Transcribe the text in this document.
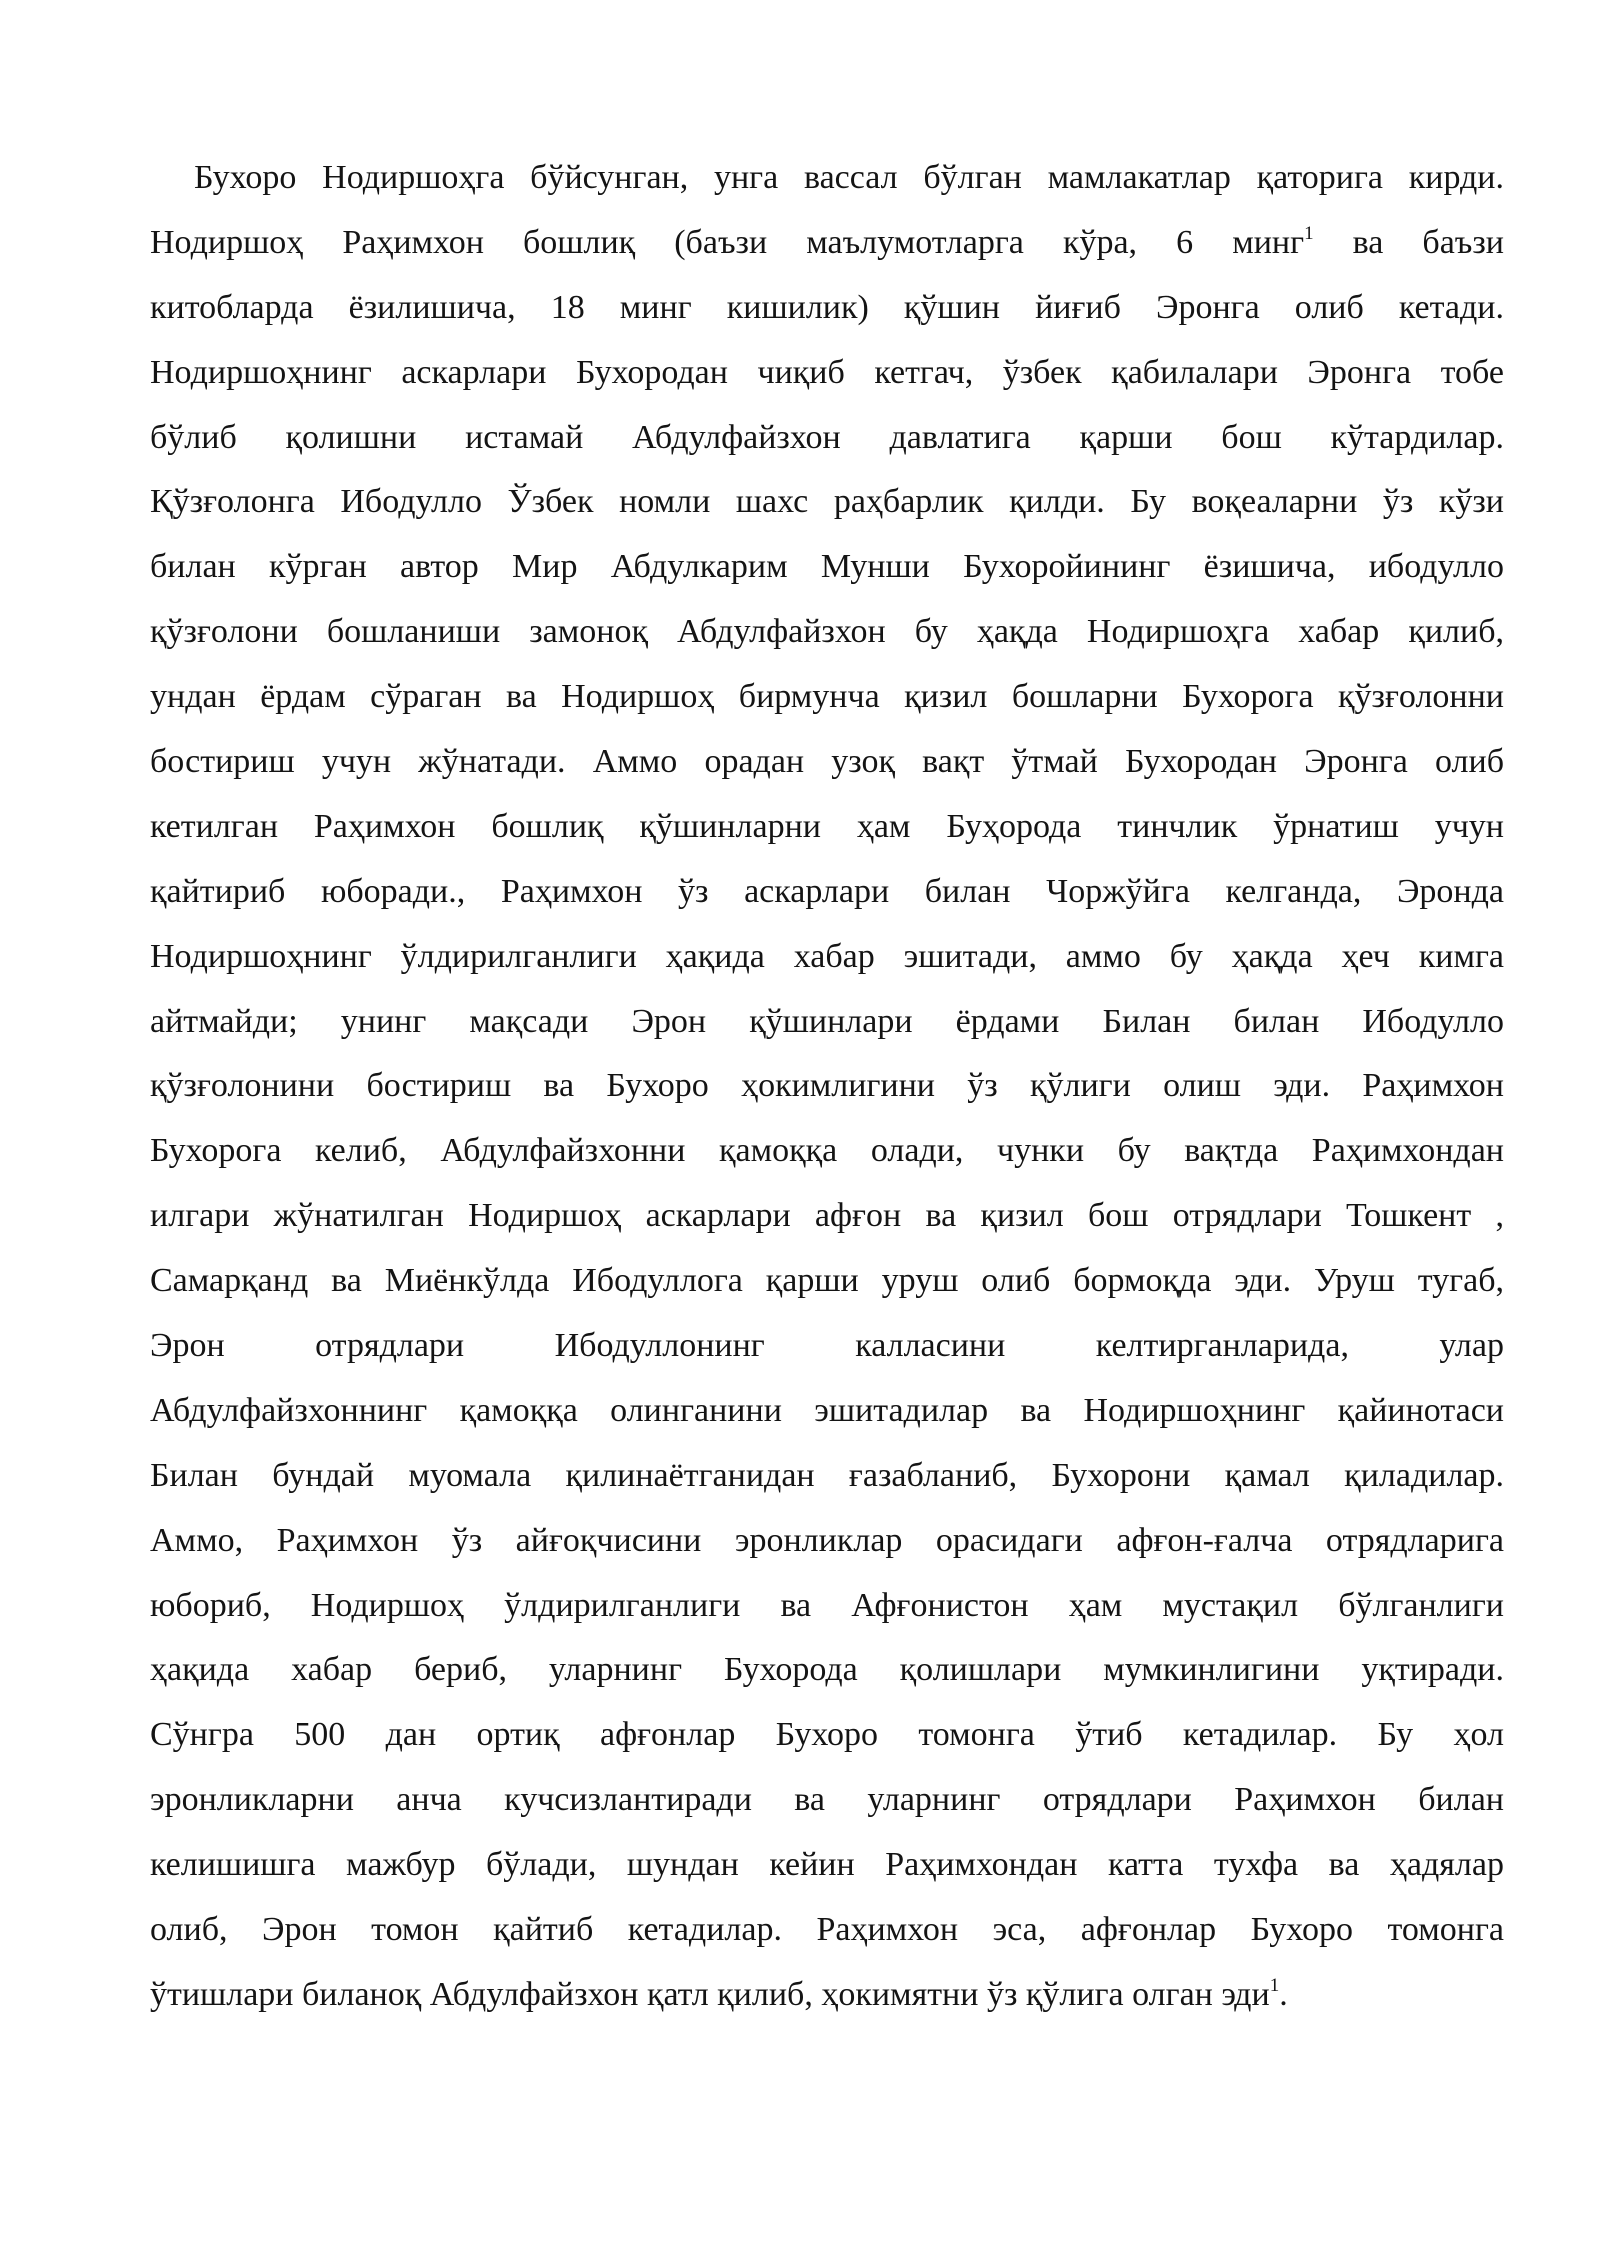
Бухоро Нодиршоҳга бўйсунган, унга вассал бўлган мамлакатлар қаторига кирди.
Нодиршоҳ Раҳимхон бошлиқ (баъзи маълумотларга кўра, 6 минг$^1$ ва баъзи
китобларда ёзилишича, 18 минг кишилик) қўшин йиғиб Эронга олиб кетади.
Нодиршоҳнинг аскарлари Бухородан чиқиб кетгач, ўзбек қабилалари Эронга тобе
бўлиб қолишни истамай Абдулфайзхон давлатига қарши бош кўтардилар.
Қўзғолонга Ибодулло Ўзбек номли шахс раҳбарлик қилди. Бу воқеаларни ўз кўзи
билан кўрган автор Мир Абдулкарим Мунши Бухоройининг ёзишича, ибодулло
қўзғолони бошланиши замоноқ Абдулфайзхон бу ҳақда Нодиршоҳга хабар қилиб,
ундан ёрдам сўраган ва Нодиршоҳ бирмунча қизил бошларни Бухорога қўзғолонни
бостириш учун жўнатади. Аммо орадан узоқ вақт ўтмай Бухородан Эронга олиб
кетилган Раҳимхон бошлиқ қўшинларни ҳам Буҳорода тинчлик ўрнатиш учун
қайтириб юборади., Раҳимхон ўз аскарлари билан Чоржўйга келганда, Эронда
Нодиршоҳнинг ўлдирилганлиги ҳақида хабар эшитади, аммо бу ҳақда ҳеч кимга
айтмайди; унинг мақсади Эрон қўшинлари ёрдами Билан билан Ибодулло
қўзғолонини бостириш ва Бухоро ҳокимлигини ўз қўлиги олиш эди. Раҳимхон
Бухорога келиб, Абдулфайзхонни қамоққа олади, чунки бу вақтда Раҳимхондан
илгари жўнатилган Нодиршоҳ аскарлари афғон ва қизил бош отрядлари Тошкент ,
Самарқанд ва Миёнкўлда Ибодуллога қарши уруш олиб бормоқда эди. Уруш тугаб,
Эрон отрядлари Ибодуллонинг калласини келтирганларида, улар
Абдулфайзхоннинг қамоққа олинганини эшитадилар ва Нодиршоҳнинг қайинотаси
Билан бундай муомала қилинаётганидан ғазабланиб, Бухорони қамал қиладилар.
Аммо, Раҳимхон ўз айғоқчисини эронликлар орасидаги афғон-ғалча отрядларига
юбориб, Нодиршоҳ ўлдирилганлиги ва Афғонистон ҳам мустақил бўлганлиги
ҳақида хабар бериб, уларнинг Бухорода қолишлари мумкинлигини уқтиради.
Сўнгра 500 дан ортиқ афғонлар Бухоро томонга ўтиб кетадилар. Бу ҳол
эронликларни анча кучсизлантиради ва уларнинг отрядлари Раҳимхон билан
келишишга мажбур бўлади, шундан кейин Раҳимхондан катта тухфа ва ҳадялар
олиб, Эрон томон қайтиб кетадилар. Раҳимхон эса, афғонлар Бухоро томонга
ўтишлари биланоқ Абдулфайзхон қатл қилиб, ҳокимятни ўз қўлига олган эди$^1$.
